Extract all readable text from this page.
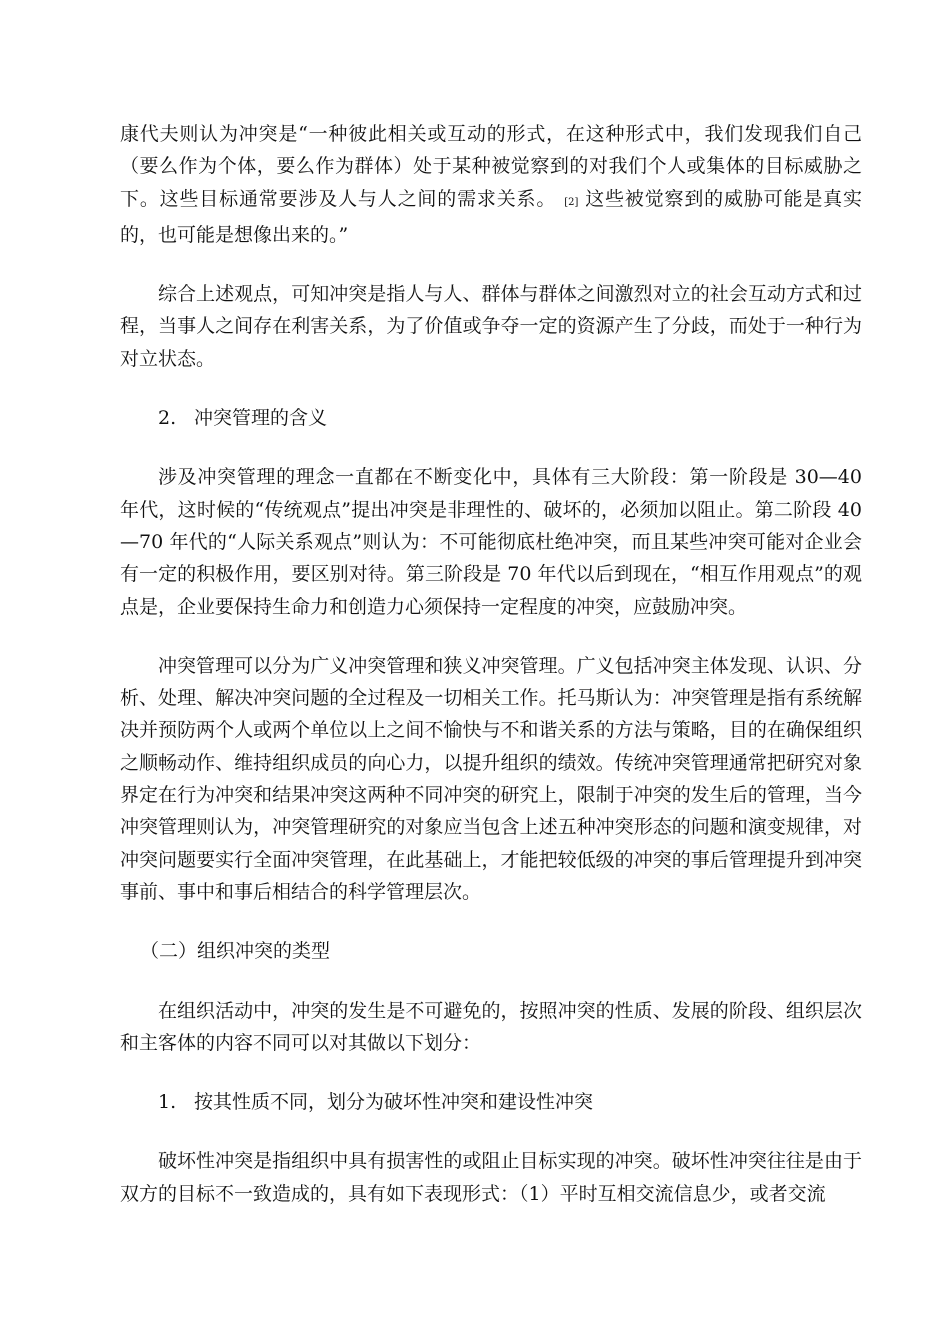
康代夫则认为冲突是“一种彼此相关或互动的形式，在这种形式中，我们发现我们自己（要么作为个体，要么作为群体）处于某种被觉察到的对我们个人或集体的目标威胁之下。这些目标通常要涉及人与人之间的需求关系。 [2] 这些被觉察到的威胁可能是真实的，也可能是想像出来的。”

综合上述观点，可知冲突是指人与人、群体与群体之间激烈对立的社会互动方式和过程，当事人之间存在利害关系，为了价值或争夺一定的资源产生了分歧，而处于一种行为对立状态。

2. 冲突管理的含义

涉及冲突管理的理念一直都在不断变化中，具体有三大阶段：第一阶段是 30—40 年代，这时候的“传统观点”提出冲突是非理性的、破坏的，必须加以阻止。第二阶段 40—70 年代的“人际关系观点”则认为：不可能彻底杜绝冲突，而且某些冲突可能对企业会有一定的积极作用，要区别对待。第三阶段是 70 年代以后到现在，“相互作用观点”的观点是，企业要保持生命力和创造力心须保持一定程度的冲突，应鼓励冲突。

冲突管理可以分为广义冲突管理和狭义冲突管理。广义包括冲突主体发现、认识、分析、处理、解决冲突问题的全过程及一切相关工作。托马斯认为：冲突管理是指有系统解决并预防两个人或两个单位以上之间不愉快与不和谐关系的方法与策略，目的在确保组织之顺畅动作、维持组织成员的向心力，以提升组织的绩效。传统冲突管理通常把研究对象界定在行为冲突和结果冲突这两种不同冲突的研究上，限制于冲突的发生后的管理，当今冲突管理则认为，冲突管理研究的对象应当包含上述五种冲突形态的问题和演变规律，对冲突问题要实行全面冲突管理，在此基础上，才能把较低级的冲突的事后管理提升到冲突事前、事中和事后相结合的科学管理层次。

（二）组织冲突的类型

在组织活动中，冲突的发生是不可避免的，按照冲突的性质、发展的阶段、组织层次和主客体的内容不同可以对其做以下划分：

1. 按其性质不同，划分为破坏性冲突和建设性冲突

破坏性冲突是指组织中具有损害性的或阻止目标实现的冲突。破坏性冲突往往是由于双方的目标不一致造成的，具有如下表现形式：（1）平时互相交流信息少，或者交流
